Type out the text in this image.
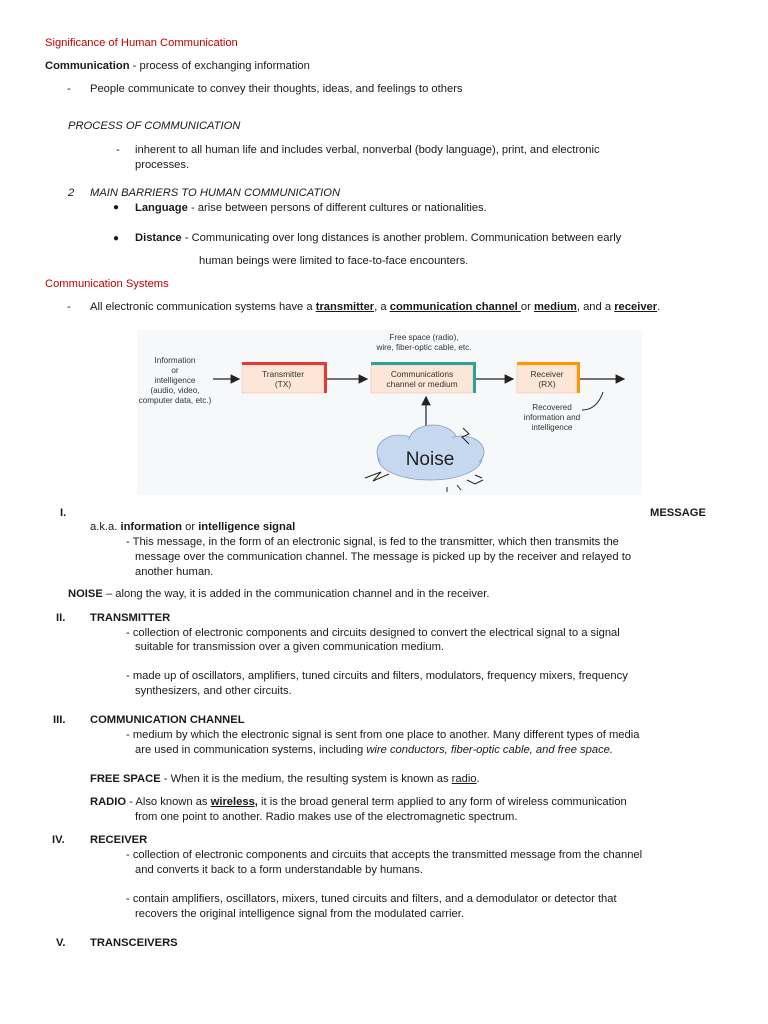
Significance of Human Communication
Communication - process of exchanging information
- People communicate to convey their thoughts, ideas, and feelings to others
PROCESS OF COMMUNICATION
- inherent to all human life and includes verbal, nonverbal (body language), print, and electronic
processes.
2 MAIN BARRIERS TO HUMAN COMMUNICATION
● Language - arise between persons of different cultures or nationalities.
● Distance - Communicating over long distances is another problem. Communication between early
human beings were limited to face-to-face encounters.
Communication Systems
- All electronic communication systems have a transmitter, a communication channel or medium, and a receiver.
Information
or
intelligence
(audio, video,
computer data, etc.)
Transmitter
(TX)
Free space (radio),
wire, fiber-optic cable, etc.
Communications
channel or medium
Receiver
(RX)
Recovered
information and
intelligence
Noise
I.	MESSAGE
a.k.a. information or intelligence signal
- This message, in the form of an electronic signal, is fed to the transmitter, which then transmits the
message over the communication channel. The message is picked up by the receiver and relayed to
another human.
NOISE – along the way, it is added in the communication channel and in the receiver.
II. TRANSMITTER
- collection of electronic components and circuits designed to convert the electrical signal to a signal
suitable for transmission over a given communication medium.
- made up of oscillators, amplifiers, tuned circuits and filters, modulators, frequency mixers, frequency
synthesizers, and other circuits.
III. COMMUNICATION CHANNEL
- medium by which the electronic signal is sent from one place to another. Many different types of media
are used in communication systems, including wire conductors, fiber-optic cable, and free space.
FREE SPACE - When it is the medium, the resulting system is known as radio.
RADIO - Also known as wireless, it is the broad general term applied to any form of wireless communication
from one point to another. Radio makes use of the electromagnetic spectrum.
IV. RECEIVER
- collection of electronic components and circuits that accepts the transmitted message from the channel
and converts it back to a form understandable by humans.
- contain amplifiers, oscillators, mixers, tuned circuits and filters, and a demodulator or detector that
recovers the original intelligence signal from the modulated carrier.
V. TRANSCEIVERS
